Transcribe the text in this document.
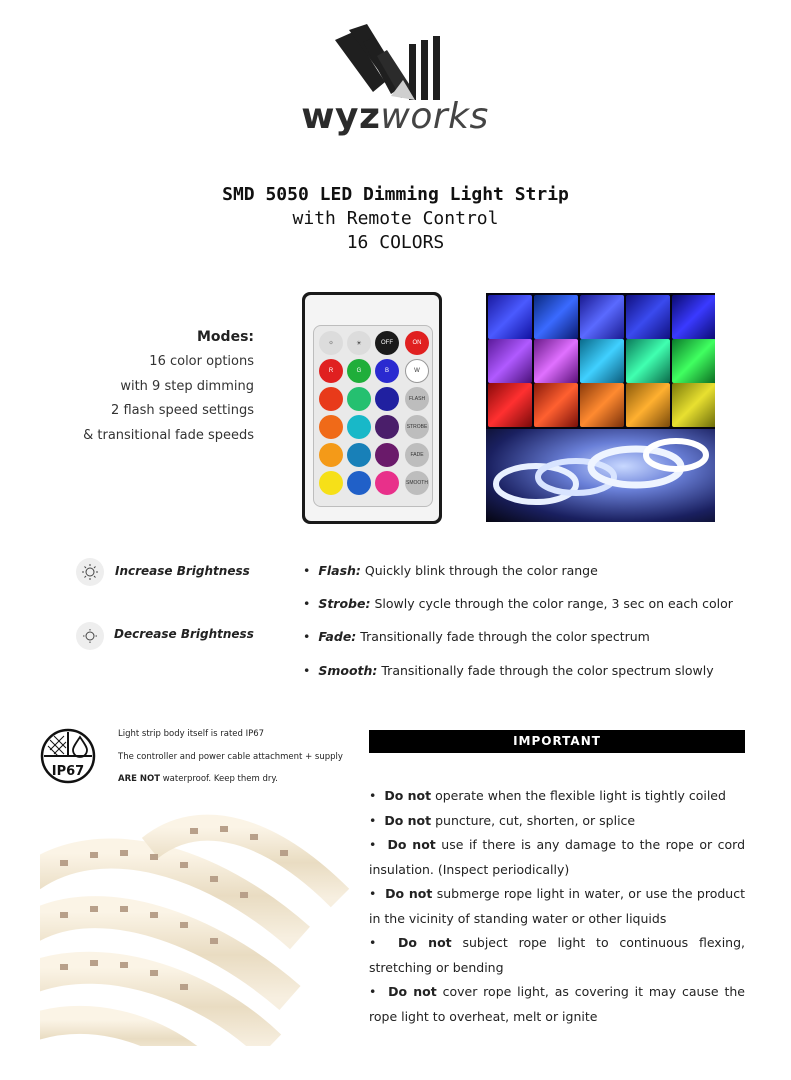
wyzworks
SMD 5050 LED Dimming Light Strip
with Remote Control
16 COLORS
Modes:
16 color options
with 9 step dimming
2 flash speed settings
& transitional fade speeds
☼	☀	OFF	ON
R	G	B	W
FLASH
STROBE
FADE
SMOOTH
Increase Brightness
Decrease Brightness
•  Flash: Quickly blink through the color range
•  Strobe: Slowly cycle through the color range, 3 sec on each color
•  Fade: Transitionally fade through the color spectrum
•  Smooth: Transitionally fade through the color spectrum slowly
IP67
Light strip body itself is rated IP67
The controller and power cable attachment + supply
ARE NOT waterproof. Keep them dry.
IMPORTANT
•  Do not operate when the flexible light is tightly coiled
•  Do not puncture, cut, shorten, or splice
•  Do not use if there is any damage to the rope or cord insulation. (Inspect periodically)
•  Do not submerge rope light in water, or use the product in the vicinity of standing water or other liquids
•  Do not subject rope light to continuous flexing, stretching or bending
•  Do not cover rope light, as covering it may cause the rope light to overheat, melt or ignite
